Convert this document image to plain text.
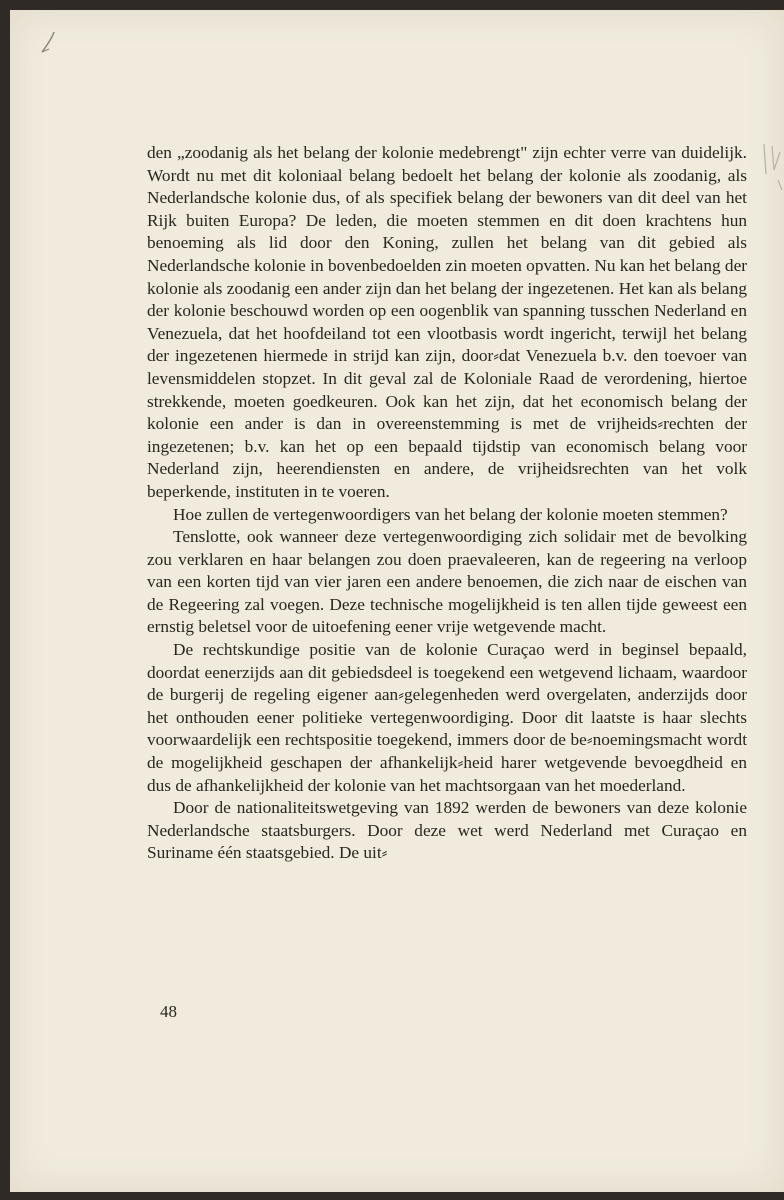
den „zoodanig als het belang der kolonie medebrengt" zijn echter verre van duidelijk. Wordt nu met dit koloniaal belang bedoelt het belang der kolonie als zoodanig, als Nederlandsche kolonie dus, of als specifiek belang der bewoners van dit deel van het Rijk buiten Europa? De leden, die moeten stemmen en dit doen krachtens hun benoeming als lid door den Koning, zullen het belang van dit gebied als Nederlandsche kolonie in bovenbedoelden zin moeten opvatten. Nu kan het belang der kolonie als zoodanig een ander zijn dan het belang der ingezetenen. Het kan als belang der kolonie beschouwd worden op een oogenblik van spanning tusschen Nederland en Venezuela, dat het hoofdeiland tot een vlootbasis wordt ingericht, terwijl het belang der ingezetenen hiermede in strijd kan zijn, door⸗dat Venezuela b.v. den toevoer van levensmiddelen stopzet. In dit geval zal de Koloniale Raad de verordening, hiertoe strekkende, moeten goedkeuren. Ook kan het zijn, dat het economisch belang der kolonie een ander is dan in overeenstemming is met de vrijheids⸗rechten der ingezetenen; b.v. kan het op een bepaald tijdstip van economisch belang voor Nederland zijn, heerendiensten en andere, de vrijheidsrechten van het volk beperkende, instituten in te voeren.

Hoe zullen de vertegenwoordigers van het belang der kolonie moeten stemmen?

Tenslotte, ook wanneer deze vertegenwoordiging zich solidair met de bevolking zou verklaren en haar belangen zou doen praevaleeren, kan de regeering na verloop van een korten tijd van vier jaren een andere benoemen, die zich naar de eischen van de Regeering zal voegen. Deze technische mogelijkheid is ten allen tijde geweest een ernstig beletsel voor de uitoefening eener vrije wetgevende macht.

De rechtskundige positie van de kolonie Curaçao werd in beginsel bepaald, doordat eenerzijds aan dit gebiedsdeel is toegekend een wetgevend lichaam, waardoor de burgerij de regeling eigener aan⸗gelegenheden werd overgelaten, anderzijds door het onthouden eener politieke vertegenwoordiging. Door dit laatste is haar slechts voorwaardelijk een rechtspositie toegekend, immers door de be⸗noemingsmacht wordt de mogelijkheid geschapen der afhankelijk⸗heid harer wetgevende bevoegdheid en dus de afhankelijkheid der kolonie van het machtsorgaan van het moederland.

Door de nationaliteitswetgeving van 1892 werden de bewoners van deze kolonie Nederlandsche staatsburgers. Door deze wet werd Nederland met Curaçao en Suriname één staatsgebied. De uit⸗

48
